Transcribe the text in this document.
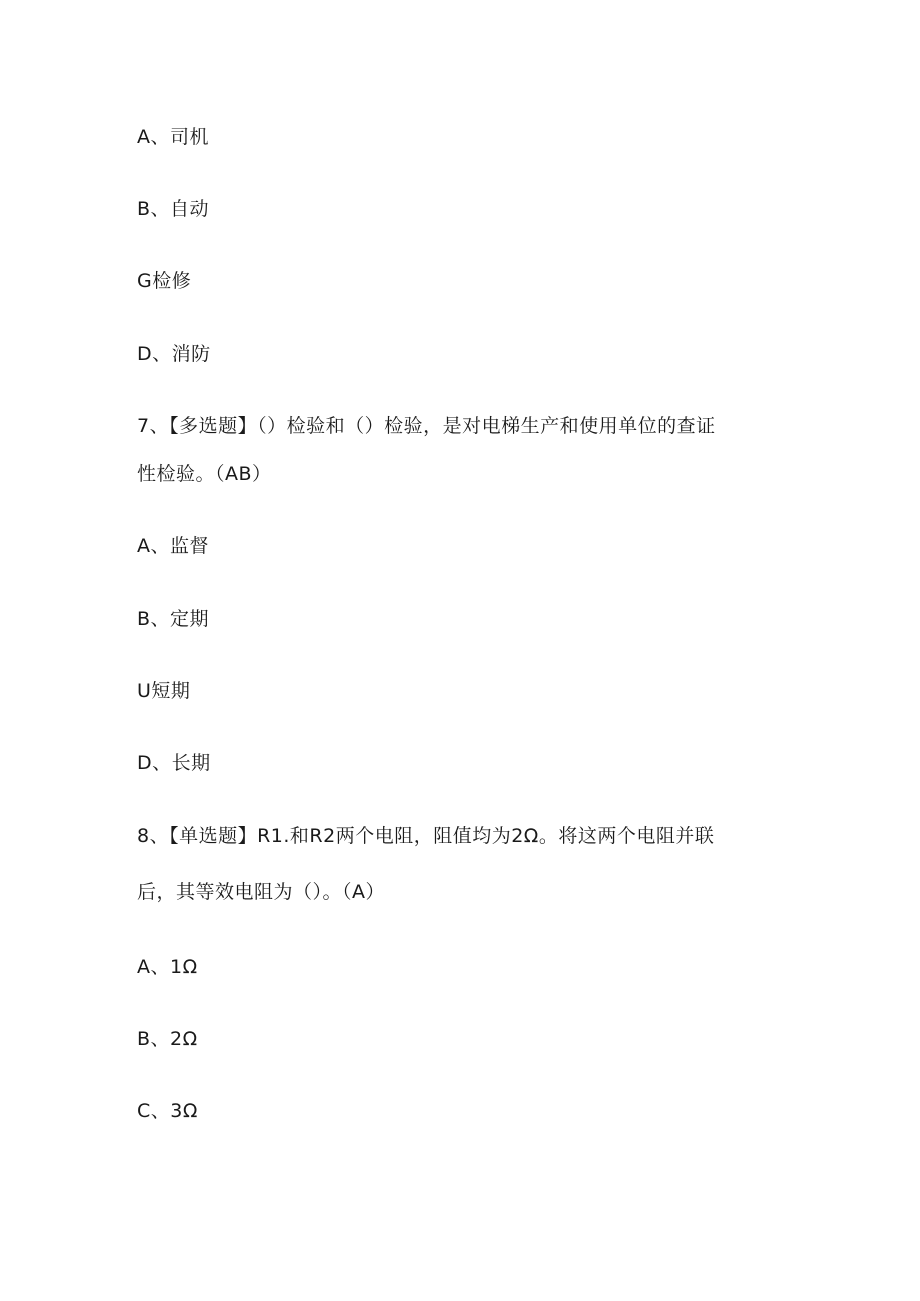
A、司机
B、自动
G检修
D、消防
7、【多选题】（）检验和（）检验，是对电梯生产和使用单位的查证
性检验。（AB）
A、监督
B、定期
U短期
D、长期
8、【单选题】R1.和R2两个电阻，阻值均为2Ω。将这两个电阻并联
后，其等效电阻为（）。（A）
A、1Ω
B、2Ω
C、3Ω
